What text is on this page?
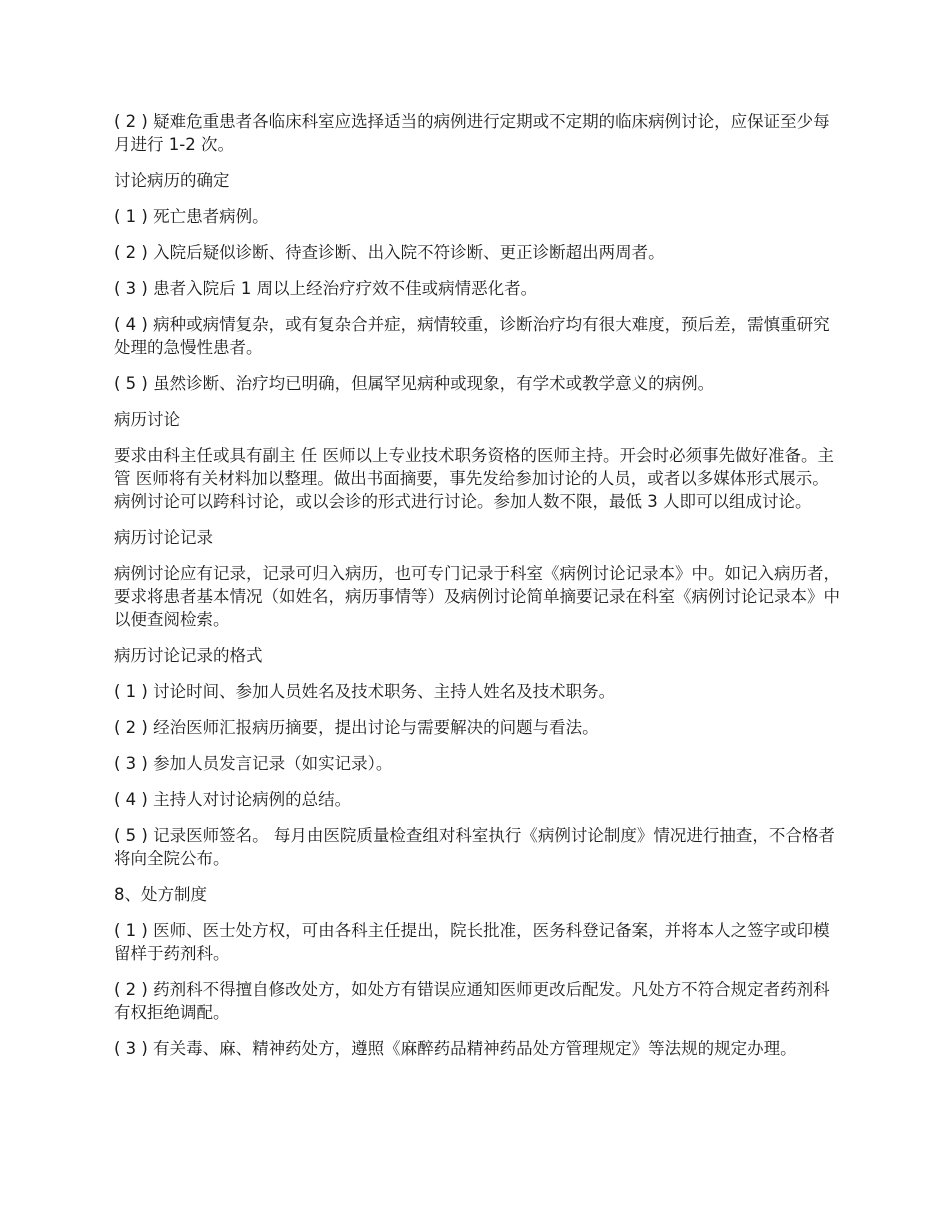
( 2 ) 疑难危重患者各临床科室应选择适当的病例进行定期或不定期的临床病例讨论，应保证至少每月进行 1-2 次。

讨论病历的确定

( 1 ) 死亡患者病例。

( 2 ) 入院后疑似诊断、待查诊断、出入院不符诊断、更正诊断超出两周者。

( 3 ) 患者入院后 1 周以上经治疗疗效不佳或病情恶化者。

( 4 ) 病种或病情复杂，或有复杂合并症，病情较重，诊断治疗均有很大难度，预后差，需慎重研究处理的急慢性患者。

( 5 ) 虽然诊断、治疗均已明确，但属罕见病种或现象，有学术或教学意义的病例。

病历讨论

要求由科主任或具有副主 任 医师以上专业技术职务资格的医师主持。开会时必须事先做好准备。主 管 医师将有关材料加以整理。做出书面摘要，事先发给参加讨论的人员，或者以多媒体形式展示。 病例讨论可以跨科讨论，或以会诊的形式进行讨论。参加人数不限，最低 3 人即可以组成讨论。

病历讨论记录

病例讨论应有记录，记录可归入病历，也可专门记录于科室《病例讨论记录本》中。如记入病历者，要求将患者基本情况（如姓名，病历事情等）及病例讨论简单摘要记录在科室《病例讨论记录本》中以便查阅检索。

病历讨论记录的格式

( 1 ) 讨论时间、参加人员姓名及技术职务、主持人姓名及技术职务。

( 2 ) 经治医师汇报病历摘要，提出讨论与需要解决的问题与看法。

( 3 ) 参加人员发言记录（如实记录）。

( 4 ) 主持人对讨论病例的总结。

( 5 ) 记录医师签名。 每月由医院质量检查组对科室执行《病例讨论制度》情况进行抽查，不合格者将向全院公布。

8、处方制度

( 1 ) 医师、医士处方权，可由各科主任提出，院长批准，医务科登记备案，并将本人之签字或印模留样于药剂科。

( 2 ) 药剂科不得擅自修改处方，如处方有错误应通知医师更改后配发。凡处方不符合规定者药剂科有权拒绝调配。

( 3 ) 有关毒、麻、精神药处方，遵照《麻醉药品精神药品处方管理规定》等法规的规定办理。
